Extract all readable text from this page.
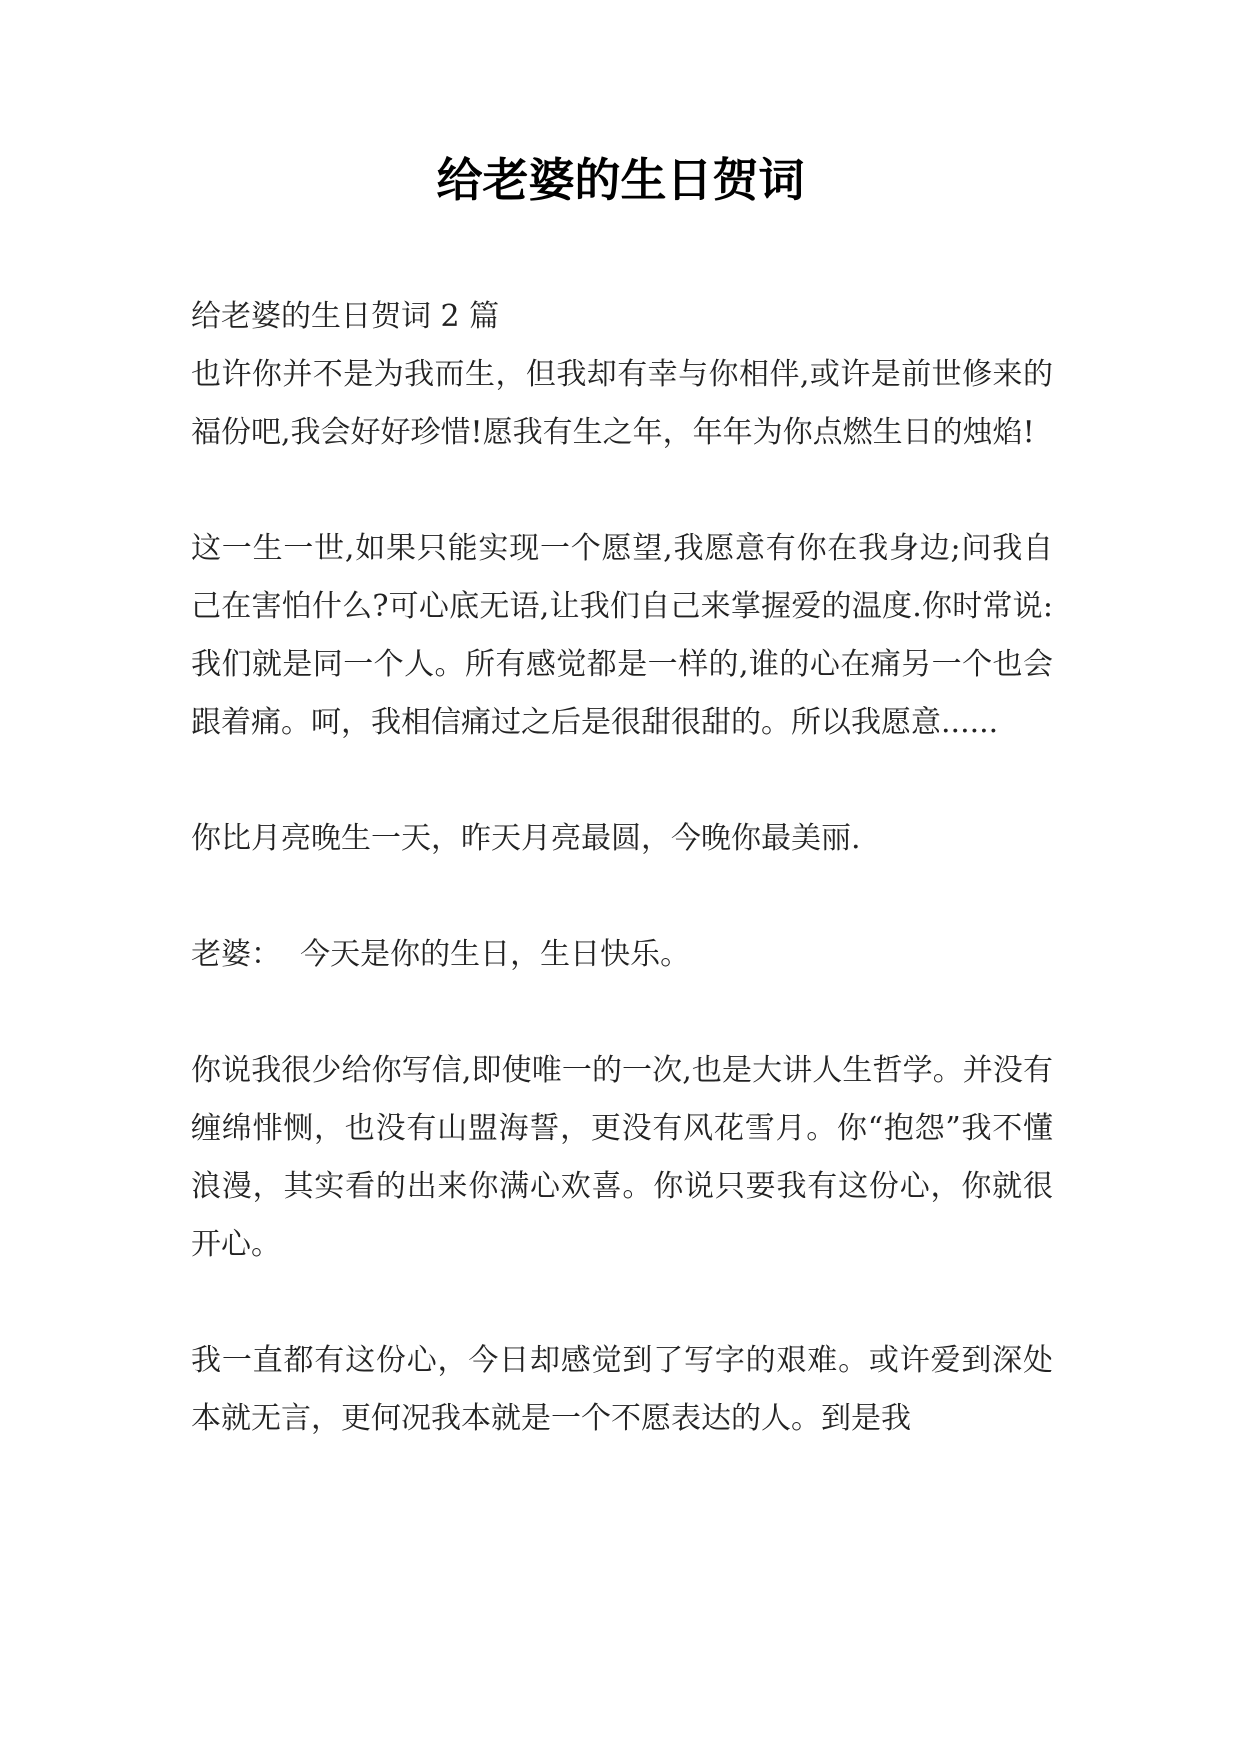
给老婆的生日贺词

给老婆的生日贺词 2 篇

也许你并不是为我而生，但我却有幸与你相伴,或许是前世修来的福份吧,我会好好珍惜!愿我有生之年，年年为你点燃生日的烛焰!

这一生一世,如果只能实现一个愿望,我愿意有你在我身边;问我自己在害怕什么?可心底无语,让我们自己来掌握爱的温度.你时常说:我们就是同一个人。所有感觉都是一样的,谁的心在痛另一个也会跟着痛。呵，我相信痛过之后是很甜很甜的。所以我愿意......

你比月亮晚生一天，昨天月亮最圆，今晚你最美丽.

老婆：  今天是你的生日，生日快乐。

你说我很少给你写信,即使唯一的一次,也是大讲人生哲学。并没有缠绵悱恻，也没有山盟海誓，更没有风花雪月。你“抱怨”我不懂浪漫，其实看的出来你满心欢喜。你说只要我有这份心，你就很开心。

我一直都有这份心，今日却感觉到了写字的艰难。或许爱到深处本就无言，更何况我本就是一个不愿表达的人。到是我
